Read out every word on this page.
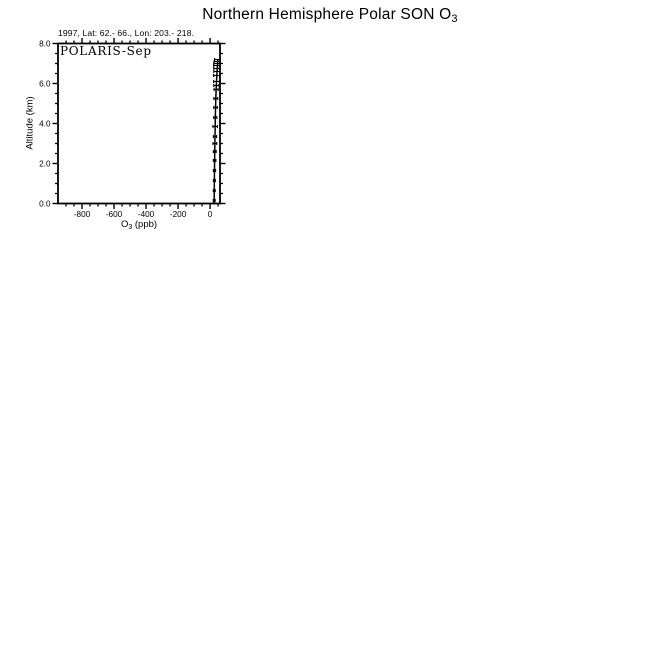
Northern Hemisphere Polar SON $O_3$
1997, Lat: 62.- 66., Lon: 203.- 218.
Altitude (km)
$O_3$ (ppb)
POLARIS-Sep
-800 -600 -400 -200	0
0.0
2.0
4.0
6.0
8.0
